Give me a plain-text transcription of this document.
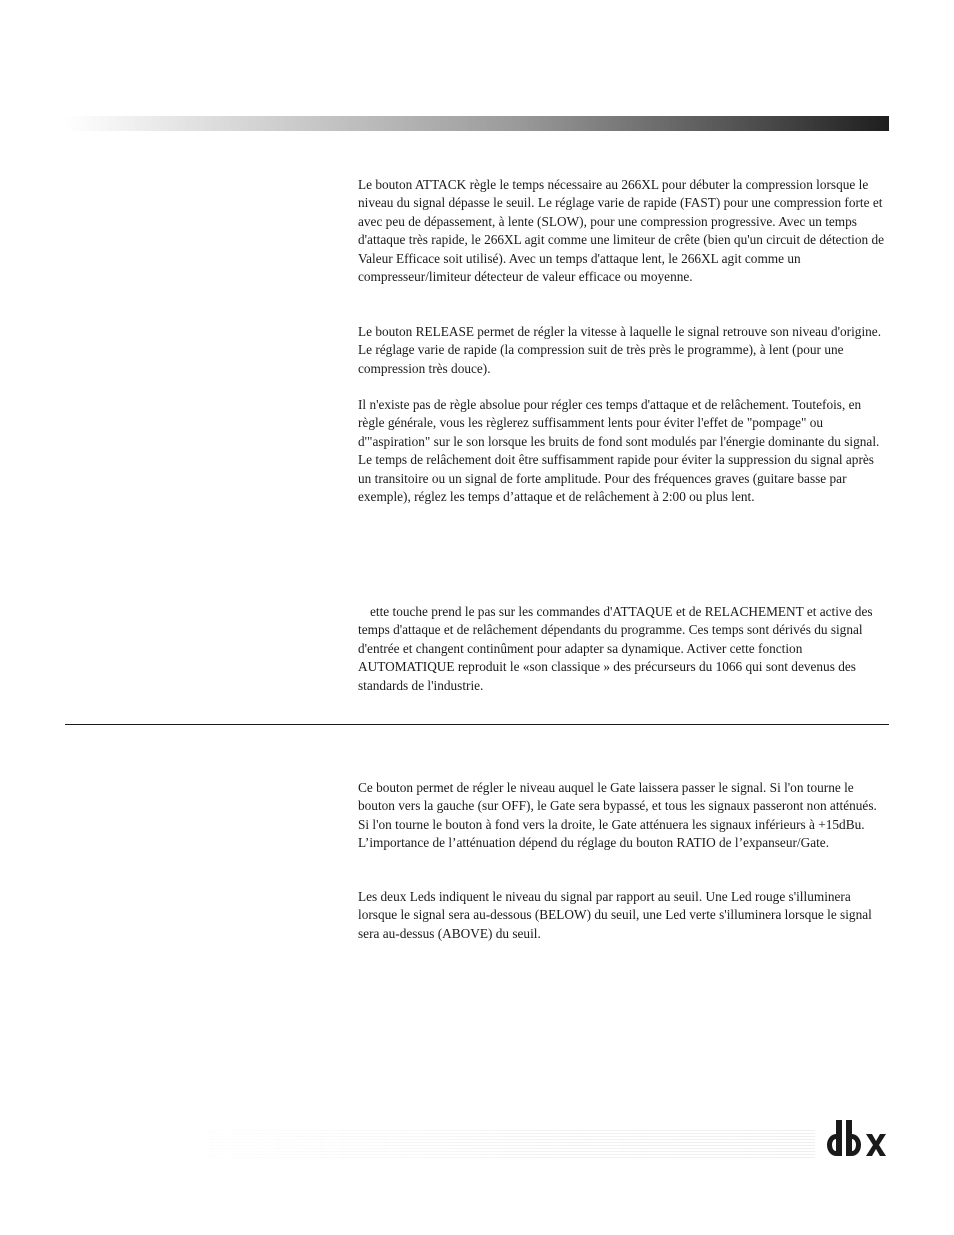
Le bouton ATTACK règle le temps nécessaire au 266XL pour débuter la compression lorsque le niveau du signal dépasse le seuil. Le réglage varie de rapide (FAST) pour une compression forte et avec peu de dépassement, à lente (SLOW), pour une compression progressive. Avec un temps d'attaque très rapide, le 266XL agit comme une limiteur de crête (bien qu'un circuit de détection de Valeur Efficace soit utilisé). Avec un temps d'attaque lent, le 266XL agit comme un compresseur/limiteur détecteur de valeur efficace ou moyenne.

Le bouton RELEASE permet de régler la vitesse à laquelle le signal retrouve son niveau d'origine. Le réglage varie de rapide (la compression suit de très près le programme), à lent (pour une compression très douce).

Il n'existe pas de règle absolue pour régler ces temps d'attaque et de relâchement. Toutefois, en règle générale, vous les règlerez suffisamment lents pour éviter l'effet de "pompage" ou d'"aspiration" sur le son lorsque les bruits de fond sont modulés par l'énergie dominante du signal. Le temps de relâchement doit être suffisamment rapide pour éviter la suppression du signal après un transitoire ou un signal de forte amplitude. Pour des fréquences graves (guitare basse par exemple), réglez les temps d’attaque et de relâchement à 2:00 ou plus lent.

ette touche prend le pas sur les commandes d'ATTAQUE et de RELACHEMENT et active des temps d'attaque et de relâchement dépendants du programme. Ces temps sont dérivés du signal d'entrée et changent continûment pour adapter sa dynamique. Activer cette fonction AUTOMATIQUE reproduit le «son classique » des précurseurs du 1066 qui sont devenus des standards de l'industrie.

Ce bouton permet de régler le niveau auquel le Gate laissera passer le signal. Si l'on tourne le bouton vers la gauche (sur OFF), le Gate sera bypassé, et tous les signaux passeront non atténués. Si l'on tourne le bouton à fond vers la droite, le Gate atténuera les signaux inférieurs à +15dBu. L’importance de l’atténuation dépend du réglage du bouton RATIO de l’expanseur/Gate.

Les deux Leds indiquent le niveau du signal par rapport au seuil. Une Led rouge s'illuminera lorsque le signal sera au-dessous (BELOW) du seuil, une Led verte s'illuminera lorsque le signal sera au-dessus (ABOVE) du seuil.
